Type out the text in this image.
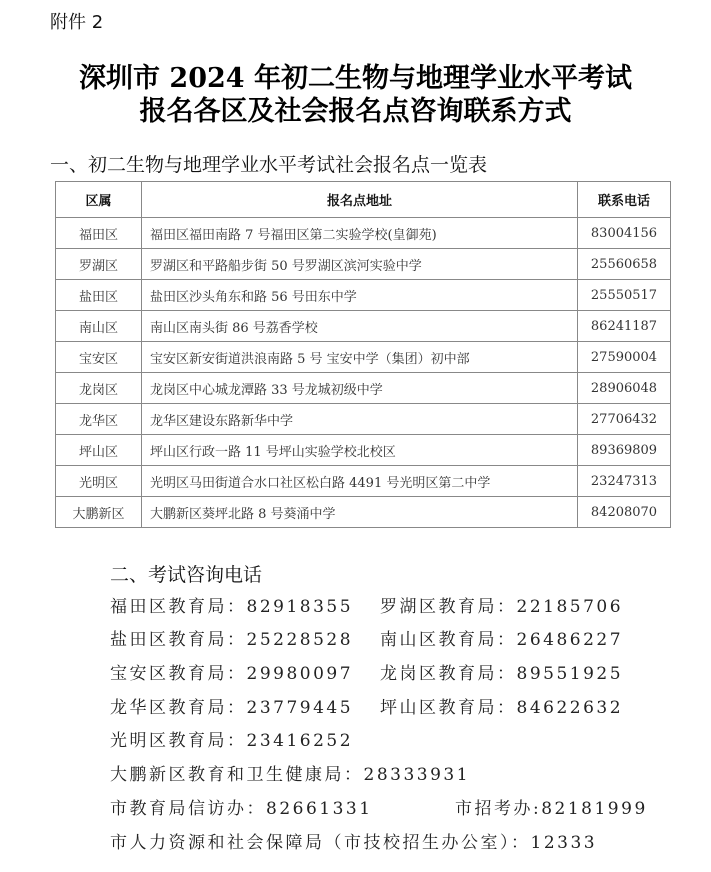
附件 2
深圳市 2024 年初二生物与地理学业水平考试
报名各区及社会报名点咨询联系方式
一、初二生物与地理学业水平考试社会报名点一览表
区属	报名点地址	联系电话
福田区	福田区福田南路 7 号福田区第二实验学校(皇御苑)	83004156
罗湖区	罗湖区和平路船步街 50 号罗湖区滨河实验中学	25560658
盐田区	盐田区沙头角东和路 56 号田东中学	25550517
南山区	南山区南头街 86 号荔香学校	86241187
宝安区	宝安区新安街道洪浪南路 5 号 宝安中学（集团）初中部	27590004
龙岗区	龙岗区中心城龙潭路 33 号龙城初级中学	28906048
龙华区	龙华区建设东路新华中学	27706432
坪山区	坪山区行政一路 11 号坪山实验学校北校区	89369809
光明区	光明区马田街道合水口社区松白路 4491 号光明区第二中学	23247313
大鹏新区	大鹏新区葵坪北路 8 号葵涌中学	84208070
二、考试咨询电话
福田区教育局：82918355 罗湖区教育局：22185706
盐田区教育局：25228528 南山区教育局：26486227
宝安区教育局：29980097 龙岗区教育局：89551925
龙华区教育局：23779445 坪山区教育局：84622632
光明区教育局：23416252
大鹏新区教育和卫生健康局：28333931
市教育局信访办：82661331	市招考办:82181999
市人力资源和社会保障局（市技校招生办公室）：12333
